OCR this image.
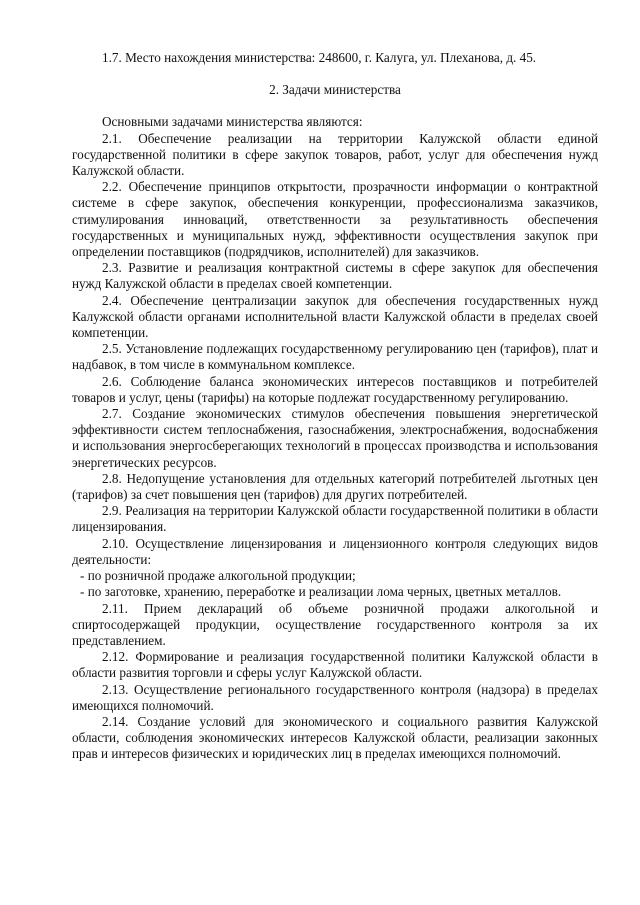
1.7. Место нахождения министерства: 248600, г. Калуга, ул. Плеханова, д. 45.

2. Задачи министерства

Основными задачами министерства являются:

2.1. Обеспечение реализации на территории Калужской области единой государственной политики в сфере закупок товаров, работ, услуг для обеспечения нужд Калужской области.

2.2. Обеспечение принципов открытости, прозрачности информации о контрактной системе в сфере закупок, обеспечения конкуренции, профессионализма заказчиков, стимулирования инноваций, ответственности за результативность обеспечения государственных и муниципальных нужд, эффективности осуществления закупок при определении поставщиков (подрядчиков, исполнителей) для заказчиков.

2.3. Развитие и реализация контрактной системы в сфере закупок для обеспечения нужд Калужской области в пределах своей компетенции.

2.4. Обеспечение централизации закупок для обеспечения государственных нужд Калужской области органами исполнительной власти Калужской области в пределах своей компетенции.

2.5. Установление подлежащих государственному регулированию цен (тарифов), плат и надбавок, в том числе в коммунальном комплексе.

2.6. Соблюдение баланса экономических интересов поставщиков и потребителей товаров и услуг, цены (тарифы) на которые подлежат государственному регулированию.

2.7. Создание экономических стимулов обеспечения повышения энергетической эффективности систем теплоснабжения, газоснабжения, электроснабжения, водоснабжения и использования энергосберегающих технологий в процессах производства и использования энергетических ресурсов.

2.8. Недопущение установления для отдельных категорий потребителей льготных цен (тарифов) за счет повышения цен (тарифов) для других потребителей.

2.9. Реализация на территории Калужской области государственной политики в области лицензирования.

2.10. Осуществление лицензирования и лицензионного контроля следующих видов деятельности:

- по розничной продаже алкогольной продукции;

- по заготовке, хранению, переработке и реализации лома черных, цветных металлов.

2.11. Прием деклараций об объеме розничной продажи алкогольной и спиртосодержащей продукции, осуществление государственного контроля за их представлением.

2.12. Формирование и реализация государственной политики Калужской области в области развития торговли и сферы услуг Калужской области.

2.13. Осуществление регионального государственного контроля (надзора) в пределах имеющихся полномочий.

2.14. Создание условий для экономического и социального развития Калужской области, соблюдения экономических интересов Калужской области, реализации законных прав и интересов физических и юридических лиц в пределах имеющихся полномочий.
